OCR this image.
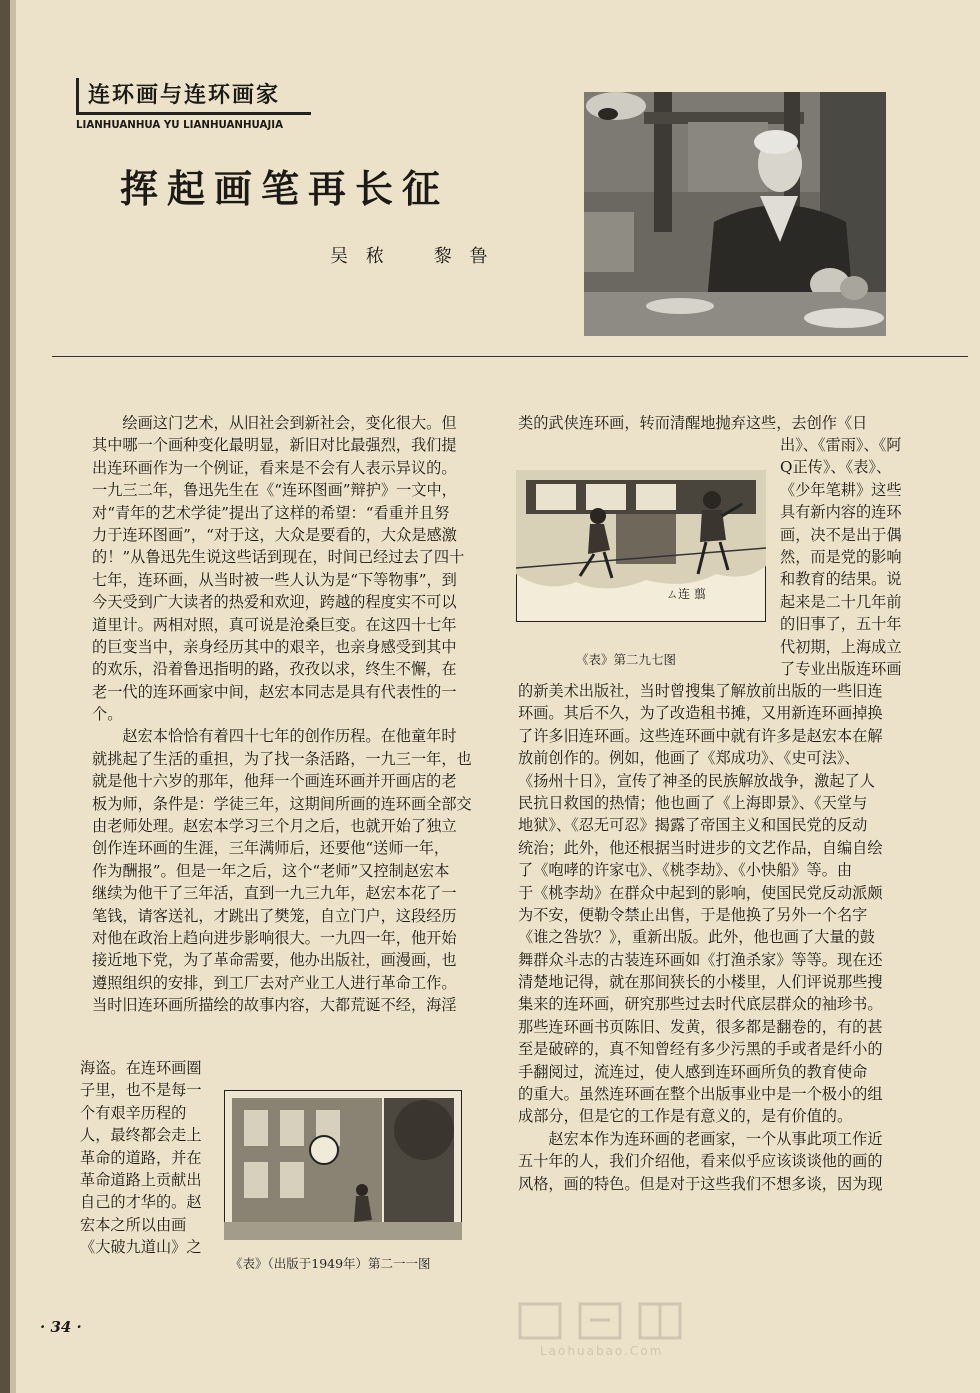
连环画与连环画家
LIANHUANHUA YU LIANHUANHUAJIA
挥起画笔再长征
吴 秾 黎 鲁
　　绘画这门艺术，从旧社会到新社会，变化很大。但
其中哪一个画种变化最明显，新旧对比最强烈，我们提
出连环画作为一个例证，看来是不会有人表示异议的。
一九三二年，鲁迅先生在《“连环图画”辩护》一文中，
对“青年的艺术学徒”提出了这样的希望：“看重并且努
力于连环图画”，“对于这，大众是要看的，大众是感激
的！”从鲁迅先生说这些话到现在，时间已经过去了四十
七年，连环画，从当时被一些人认为是“下等物事”，到
今天受到广大读者的热爱和欢迎，跨越的程度实不可以
道里计。两相对照，真可说是沧桑巨变。在这四十七年
的巨变当中，亲身经历其中的艰辛，也亲身感受到其中
的欢乐，沿着鲁迅指明的路，孜孜以求，终生不懈，在
老一代的连环画家中间，赵宏本同志是具有代表性的一
个。
　　赵宏本恰恰有着四十七年的创作历程。在他童年时
就挑起了生活的重担，为了找一条活路，一九三一年，也
就是他十六岁的那年，他拜一个画连环画并开画店的老
板为师，条件是：学徒三年，这期间所画的连环画全部交
由老师处理。赵宏本学习三个月之后，也就开始了独立
创作连环画的生涯，三年满师后，还要他“送师一年，
作为酬报”。但是一年之后，这个“老师”又控制赵宏本
继续为他干了三年活，直到一九三九年，赵宏本花了一
笔钱，请客送礼，才跳出了樊笼，自立门户，这段经历
对他在政治上趋向进步影响很大。一九四一年，他开始
接近地下党，为了革命需要，他办出版社，画漫画，也
遵照组织的安排，到工厂去对产业工人进行革命工作。
当时旧连环画所描绘的故事内容，大都荒诞不经，海淫
海盗。在连环画圈
子里，也不是每一
个有艰辛历程的
人，最终都会走上
革命的道路，并在
革命道路上贡献出
自己的才华的。赵
宏本之所以由画
《大破九道山》之
类的武侠连环画，转而清醒地抛弃这些，去创作《日
出》、《雷雨》、《阿
Q正传》、《表》、
《少年笔耕》这些
具有新内容的连环
画，决不是出于偶
然，而是党的影响
和教育的结果。说
起来是二十几年前
的旧事了，五十年
代初期，上海成立
了专业出版连环画
的新美术出版社，当时曾搜集了解放前出版的一些旧连
环画。其后不久，为了改造租书摊，又用新连环画掉换
了许多旧连环画。这些连环画中就有许多是赵宏本在解
放前创作的。例如，他画了《郑成功》、《史可法》、
《扬州十日》，宣传了神圣的民族解放战争，激起了人
民抗日救国的热情；他也画了《上海即景》、《天堂与
地狱》、《忍无可忍》揭露了帝国主义和国民党的反动
统治；此外，他还根据当时进步的文艺作品，自编自绘
了《咆哮的许家屯》、《桃李劫》、《小快船》等。由
于《桃李劫》在群众中起到的影响，使国民党反动派颇
为不安，便勒令禁止出售，于是他换了另外一个名字
《谁之咎欤？》，重新出版。此外，他也画了大量的鼓
舞群众斗志的古装连环画如《打渔杀家》等等。现在还
清楚地记得，就在那间狭长的小楼里，人们评说那些搜
集来的连环画，研究那些过去时代底层群众的袖珍书。
那些连环画书页陈旧、发黄，很多都是翻卷的，有的甚
至是破碎的，真不知曾经有多少污黑的手或者是纤小的
手翻阅过，流连过，使人感到连环画所负的教育使命
的重大。虽然连环画在整个出版事业中是一个极小的组
成部分，但是它的工作是有意义的，是有价值的。
　　赵宏本作为连环画的老画家，一个从事此项工作近
五十年的人，我们介绍他，看来似乎应该谈谈他的画的
风格，画的特色。但是对于这些我们不想多谈，因为现
ㄙ连 翦
《表》第二九七图
《表》（出版于1949年）第二一一图
· 34 ·
Laohuabao.Com
